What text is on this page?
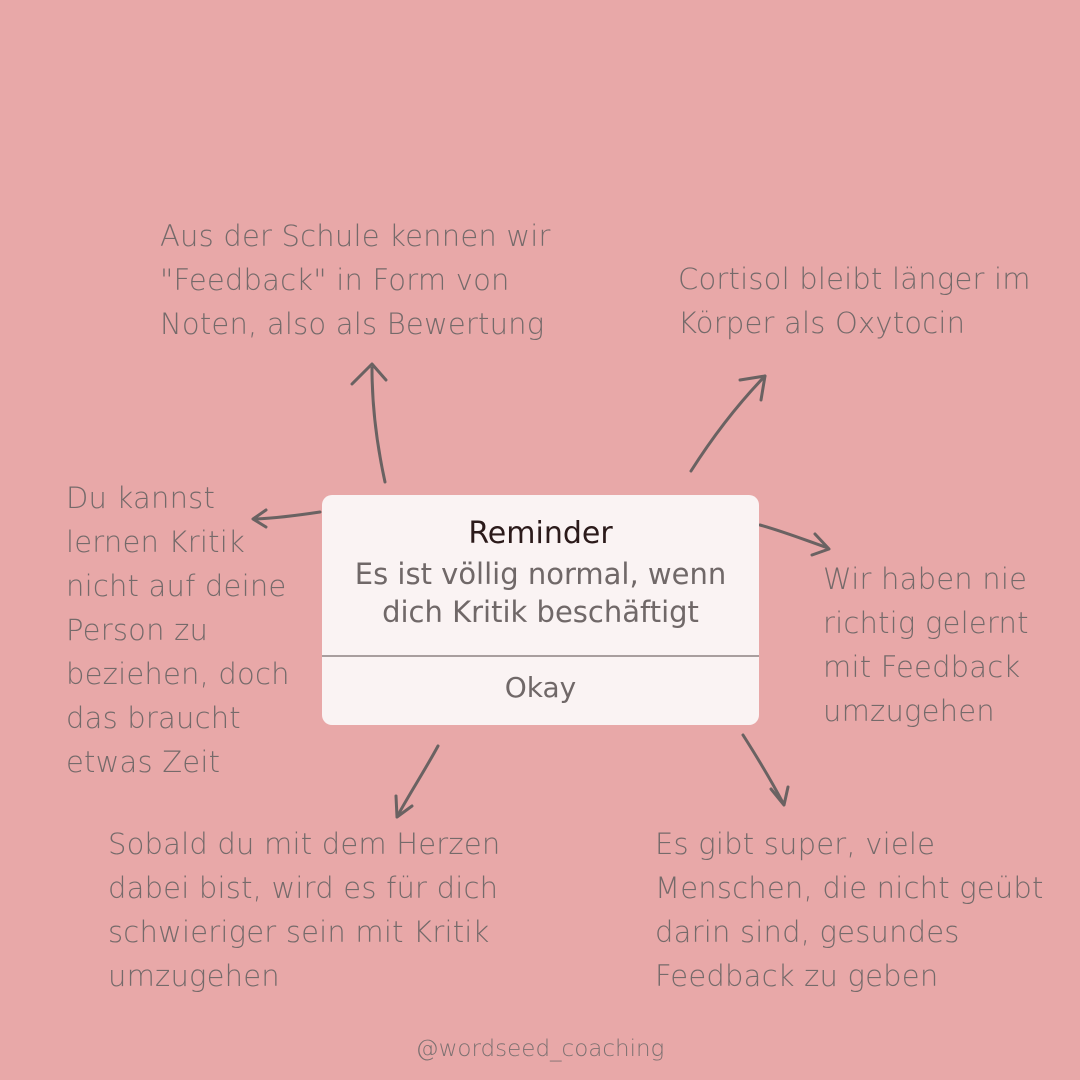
Aus der Schule kennen wir
"Feedback" in Form von
Noten, also als Bewertung

Cortisol bleibt länger im
Körper als Oxytocin

Du kannst
lernen Kritik
nicht auf deine
Person zu
beziehen, doch
das braucht
etwas Zeit

Wir haben nie
richtig gelernt
mit Feedback
umzugehen

Sobald du mit dem Herzen
dabei bist, wird es für dich
schwieriger sein mit Kritik
umzugehen

Es gibt super, viele
Menschen, die nicht geübt
darin sind, gesundes
Feedback zu geben

Reminder
Es ist völlig normal, wenn
dich Kritik beschäftigt
Okay
@wordseed_coaching
